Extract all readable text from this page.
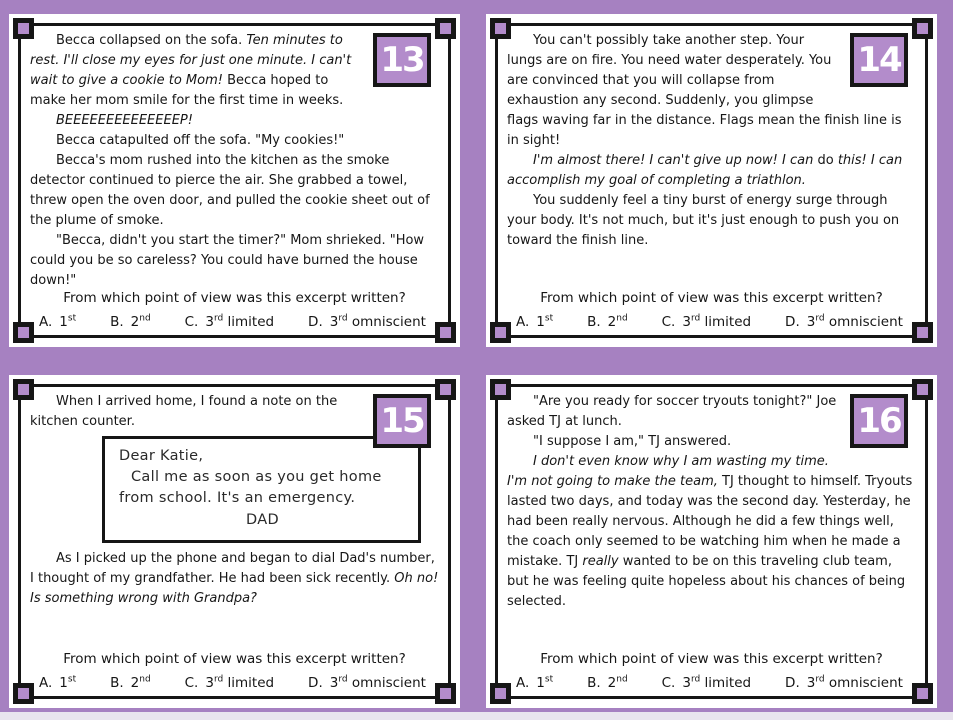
13

Becca collapsed on the sofa. Ten minutes to rest. I'll close my eyes for just one minute. I can't wait to give a cookie to Mom! Becca hoped to make her mom smile for the first time in weeks.

BEEEEEEEEEEEEEEP!

Becca catapulted off the sofa. "My cookies!"

Becca's mom rushed into the kitchen as the smoke detector continued to pierce the air. She grabbed a towel, threw open the oven door, and pulled the cookie sheet out of the plume of smoke.

"Becca, didn't you start the timer?" Mom shrieked. "How could you be so careless? You could have burned the house down!"

From which point of view was this excerpt written?
A. 1st	B. 2nd	C. 3rd limited	D. 3rd omniscient
14

You can't possibly take another step. Your lungs are on fire. You need water desperately. You are convinced that you will collapse from exhaustion any second. Suddenly, you glimpse flags waving far in the distance. Flags mean the finish line is in sight!

I'm almost there! I can't give up now! I can do this! I can accomplish my goal of completing a triathlon.

You suddenly feel a tiny burst of energy surge through your body. It's not much, but it's just enough to push you on toward the finish line.

From which point of view was this excerpt written?
A. 1st	B. 2nd	C. 3rd limited	D. 3rd omniscient
15

When I arrived home, I found a note on the kitchen counter.

Dear Katie,
Call me as soon as you get home from school. It's an emergency.
DAD

As I picked up the phone and began to dial Dad's number, I thought of my grandfather. He had been sick recently. Oh no! Is something wrong with Grandpa?

From which point of view was this excerpt written?
A. 1st	B. 2nd	C. 3rd limited	D. 3rd omniscient
16

"Are you ready for soccer tryouts tonight?" Joe asked TJ at lunch.

"I suppose I am," TJ answered.

I don't even know why I am wasting my time. I'm not going to make the team, TJ thought to himself. Tryouts lasted two days, and today was the second day. Yesterday, he had been really nervous. Although he did a few things well, the coach only seemed to be watching him when he made a mistake. TJ really wanted to be on this traveling club team, but he was feeling quite hopeless about his chances of being selected.

From which point of view was this excerpt written?
A. 1st	B. 2nd	C. 3rd limited	D. 3rd omniscient
